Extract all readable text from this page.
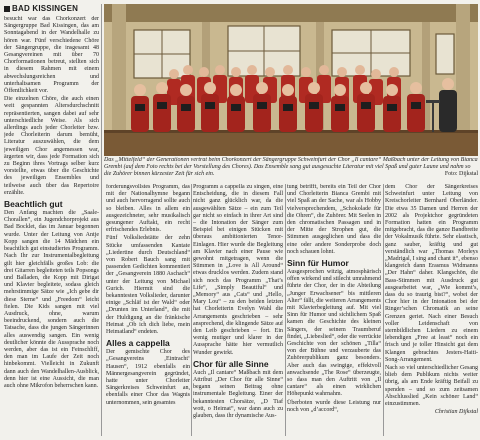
BAD KISSINGEN

besucht war das Chorkonzert der Sängergruppe Bad Kissingen, das am Sonntagabend in der Wandelhalle zu hören war. Fünf verschiedene Chöre der Sängergruppe, die insgesamt 48 Gesangvereinen mit über 70 Chorformationen betreut, stellten sich in diesem Rahmen mit einem abwechslungsreichen und unterhaltsamen Programm der Öffentlichkeit vor.

Die einzelnen Chöre, die auch einen weit gespannten Altersdurchschnitt repräsentierten, sangen dabei auf sehr unterschiedliche Weise. Als sich allerdings auch jeder Chorleiter bzw. jede Chorleiterin darum bemüht, Literatur auszuwählen, die dem jeweiligen Chor angemessen war, ärgerten wir, dass jede Formation sich zu Beginn ihres Vortrags selber kurz vorstellte, etwas über die Geschichte des jeweiligen Ensembles und teilweise auch über das Repertoire erzählte.

Beachtlich gut

Den Anfang machten die „Saale-Chorallen“, ein Jugendchorprojekt aus Bad Bocklet, das im Januar begonnen wurde. Unter der Leitung von Antje Kopp sangen die 14 Mädchen ein beachtlich gut einstudiertes Programm. Nach Ihr zur Instrumentalbegleitung gilt hier gleichfälls großes Lob: die drei Gitarren begleiteten teils Popsongs und Balladen, die Kopp mit Dirigat und Klavier begleitete, sodass gleich mehrstimmige Sätze wie „Ich gebe dir diese Sterne“ und „Freedom“ leicht fielen. Die Kids sangen mit viel Ausdruck, ohne, warum beeindruckend, sondern auch die Tatsache, dass die jungen Sängerinnen alles auswendig sangen. Ein wenig deutlicher könnte die Aussprache noch werden, aber das ist ein Feinschliff, den man im Laufe der Zeit noch hinbekommt. Vielleicht in Zukunft dann auch den Wandelhallen-Ausblick, denn hier ist eine Aussicht, die man auch ohne Mikrofon beherrschen kann.

Das „Mittelfeld“ der Generationen vertrat beim Chorkonzert der Sängergruppe Schweinfurt der Chor „Il cantare“ Maßbach unter der Leitung von Bianca Grembi (auf dem Foto rechts bei der Vorstellung des Chores). Das Ensemble sang gut ausgesuchte Literatur mit viel Spaß und guter Laune und nahm so die Zuhörer binnen kürzester Zeit für sich ein.	Foto: Dijkstal

forderungsvollstes Programm, das mit der Nationalhymne begann und auch hervorragend sollte auch so bleiben. Alles in allem ein ausgezeichneter, sehr musikalisch gesungener Auftakt, ein recht erfrischendes Erlebnis.

Fünf Volksliedstätte der zehn Stücke umfassenden Kantate „Liedertine durch Deutschland“ von Robert Bauch sang mit passenden Gedichten kommentiert der „Gesangverein 1880 Aschach“ unter der Leitung von Michael Gurich. Hiermit sind die bekanntesten Volkslieder, darunter einige „Schläf ist der Wald“ oder „Drunten im Unterland“, die mit der Huldigung an die fränkische Heimat „Ob ich dich liebe, mein Heimatland“ endeten.

Alles a cappella

Der gemischte Chor des „Gesangvereins ‚Eintracht‘ Hausen“, 1912 ebenfalls ein Männergesangverein gegründet, hatte unter Chorleiter Sängerkreises Schweinfurt an, ebenfalls einer Chor das Wagnis unternommen, sein gesamtes

Programm a cappella zu singen, eine Entscheidung, die in diesem Fall nicht ganz glücklich war, da die ausgewählten Sätze – ein zum Teil gar nicht so einfach in ihrer Art sind – die Intonation der Sänger zum Beispiel bei einigen Stücken mit überaus ambitionierten Tenor-Einlagen. Hier wurde die Begleitung am Klavier nach einer Pause wie gewohnt mitgetragen, wenn die Stimmen in „Love is All Around“ etwas drucklos werden. Zudem stand sich noch das Programm „That’s Life“, „Simply Beautiful“ und „Memory“ aus „Cats“ und „Hello, Mary Lou“ – zu den beiden letzten hat Chorleiterin Evelyn Wahl die Arrangements geschrieben – sehr ansprechend, die klingende Sätze auf den Leib geschrieben – fort. Ein wenig mutiger und klarer in der Aussprache hätte hier vermutlich Wunder gewirkt.

Chor für alle Sinne

Auch „Il cantare“ Maßbach mit dem Attribut „Der Chor für alle Sinne“ begann seinen Beitrag ohne instrumentale Begleitung. Einer der bekanntesten Chorsätze, „D Tiaf wott, o Heimat“, war dann auch zu glauben, dass ihr dynamische Aus-

tung betrifft, bereits ein Teil der Chor und Chorleiterin Bianca Grembi mit viel Spaß an der Sache, war als Hobby vielversprechendem, „Schokolade für die Ohren“, die Zuhörer. Mit Seelen in den chromatischen Passagen und in der Mitte der Strophen gut, die Stimmen ausgeglichen und dass die eine oder andere Sonderprobe doch noch schauen lohnt.

Sinn für Humor

Ausgesprochen witzig, atmosphärisch offen wirkend und stilecht umrahmend führte der Chor, der in die Abteilung „Junger Erwachsener“ bis mittleren Alter“ fällt, die weiteren Arrangements mit Klavierbegleitung auf. Mit viel Sinn für Humor und sichtlichem Spaß kamen die Geschichte des kleinen Sängers, der seinem Traumberuf findet, „Liebeslied“, oder die verrückte Geschichte von der schönen „Tilla“ von der Bühne und verzauberte das Zuhörerpublikum ganz besonders. Aber auch das swingige, effektvoll anwachsende „The Rose“ überzeugte, so dass man den Auftritt von „Il cantare“ als einen wirklichen Höhepunkt wahrnahm.

Überboten wurde diese Leistung nur noch von „d’accord“,

dem Chor der Sängerkreises Schweinfurt unter Leitung von Kreischorleiter Bernhard Oberländer. Die etwa 35 Damen und Herren der 2002 als Projektchor gegründeten Formation hatten ein Programm mitgebracht, das die ganze Bandbreite der Vokalmusik führte. Sehr elastisch, ganz sauber, kräftig und gut verständlich war „Thomas Morleys „Madrigal, I sing and chant it“, ebenso klangreich dann Erasmus Widmanns „Der Hahn“ daher. Klangschön, die Bass-Stimmen mit Ausdruck gut ausgearbeitet war, „Wie kommt’s, dass du so traurig bist?“, wobei der Chor hier in der Intonation bei der Ringer’schen Chromatik an seine Grenzen geriet. Nach einer Besuch voller Leidenschaft von sternbildlichen Liedern zu einem lebendigen „Free at least“ noch ein frisch und je toller Hinsicht gut dem Klangen gebrachtes Jesters-Haiti-Song-Arrangement.

Nach so viel unterschiedlicher Gesang blieb dem Publikum nichts weiter übrig, als am Ende kräftig Beifall zu spenden – und so zum zeitsamen Abschlusslied „Kein schöner Land“ einzustimmen.

Christian Dijkstal
